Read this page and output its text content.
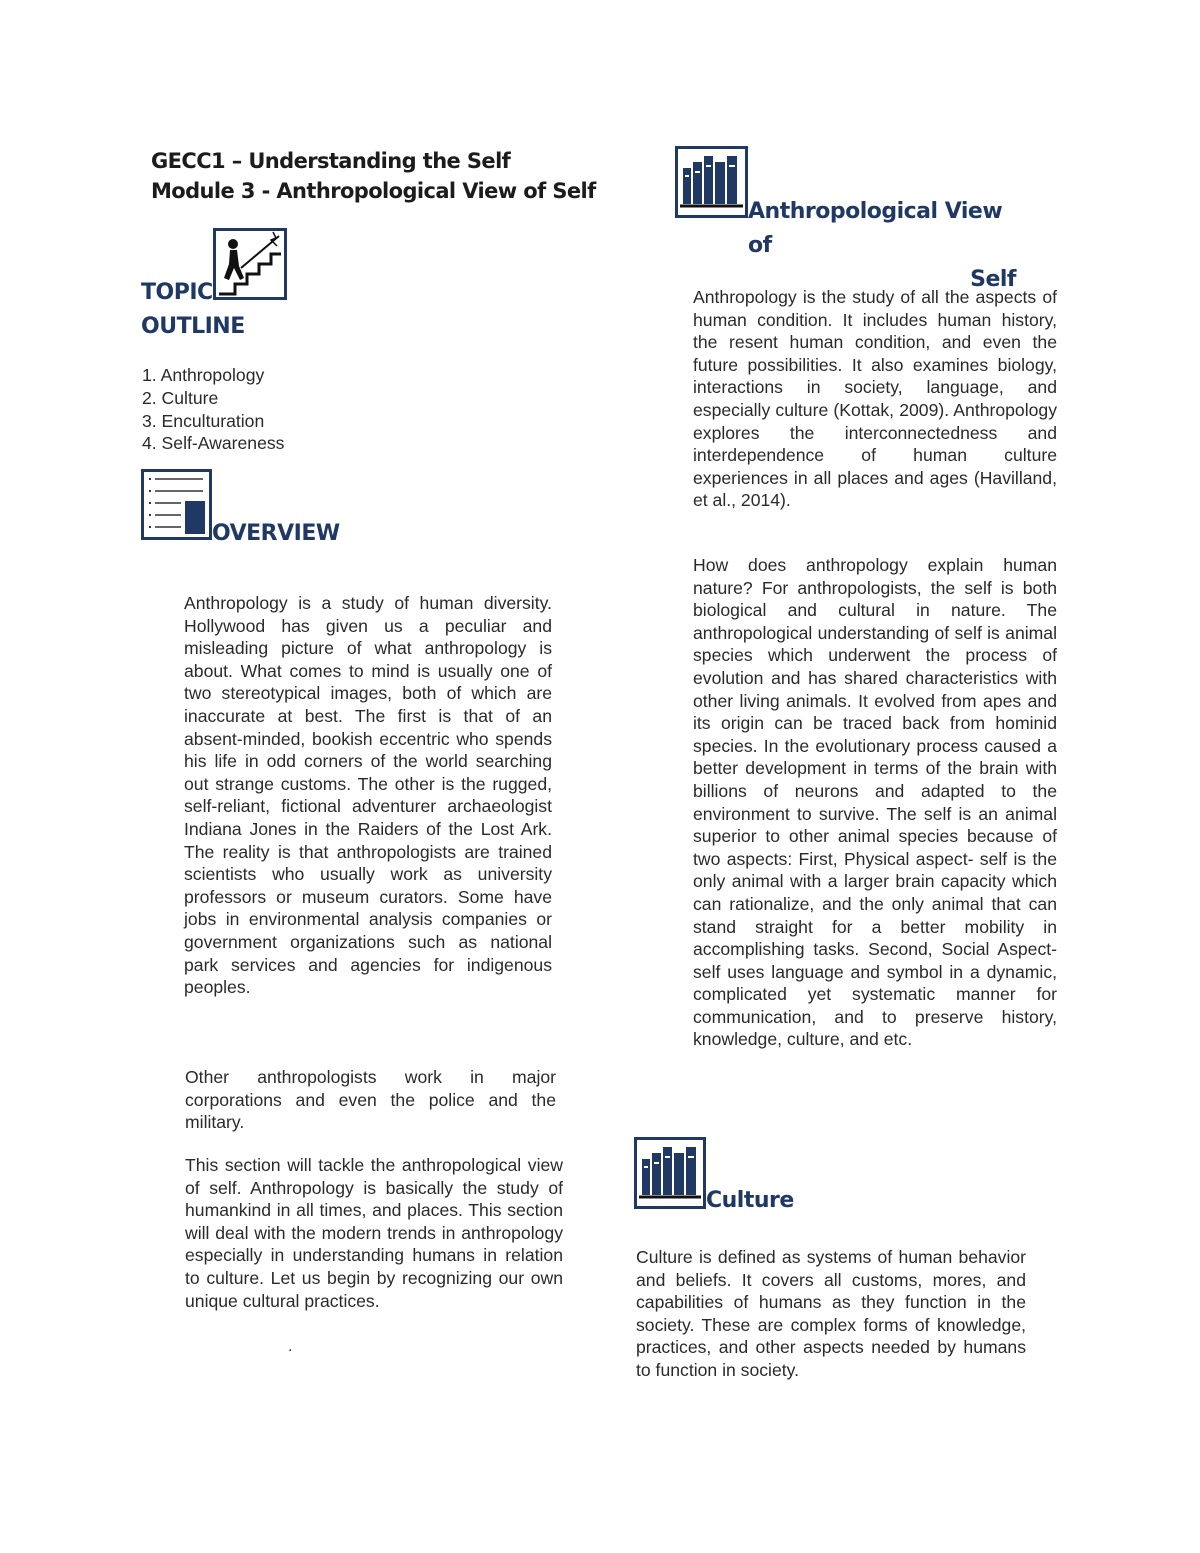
GECC1 – Understanding the Self
Module 3 - Anthropological View of Self
TOPIC
OUTLINE
1. Anthropology
2. Culture
3. Enculturation
4. Self-Awareness
OVERVIEW

Anthropology is a study of human diversity. Hollywood has given us a peculiar and misleading picture of what anthropology is about. What comes to mind is usually one of two stereotypical images, both of which are inaccurate at best. The first is that of an absent-minded, bookish eccentric who spends his life in odd corners of the world searching out strange customs. The other is the rugged, self-reliant, fictional adventurer archaeologist Indiana Jones in the Raiders of the Lost Ark. The reality is that anthropologists are trained scientists who usually work as university professors or museum curators. Some have jobs in environmental analysis companies or government organizations such as national park services and agencies for indigenous peoples.

Other anthropologists work in major corporations and even the police and the military.

This section will tackle the anthropological view of self. Anthropology is basically the study of humankind in all times, and places. This section will deal with the modern trends in anthropology especially in understanding humans in relation to culture. Let us begin by recognizing our own unique cultural practices.

.
Anthropological View of
Self

Anthropology is the study of all the aspects of human condition. It includes human history, the resent human condition, and even the future possibilities. It also examines biology, interactions in society, language, and especially culture (Kottak, 2009). Anthropology explores the interconnectedness and interdependence of human culture experiences in all places and ages (Havilland, et al., 2014).

How does anthropology explain human nature? For anthropologists, the self is both biological and cultural in nature. The anthropological understanding of self is animal species which underwent the process of evolution and has shared characteristics with other living animals. It evolved from apes and its origin can be traced back from hominid species. In the evolutionary process caused a better development in terms of the brain with billions of neurons and adapted to the environment to survive. The self is an animal superior to other animal species because of two aspects: First, Physical aspect- self is the only animal with a larger brain capacity which can rationalize, and the only animal that can stand straight for a better mobility in accomplishing tasks. Second, Social Aspect- self uses language and symbol in a dynamic, complicated yet systematic manner for communication, and to preserve history, knowledge, culture, and etc.

Culture

Culture is defined as systems of human behavior and beliefs. It covers all customs, mores, and capabilities of humans as they function in the society. These are complex forms of knowledge, practices, and other aspects needed by humans to function in society.
